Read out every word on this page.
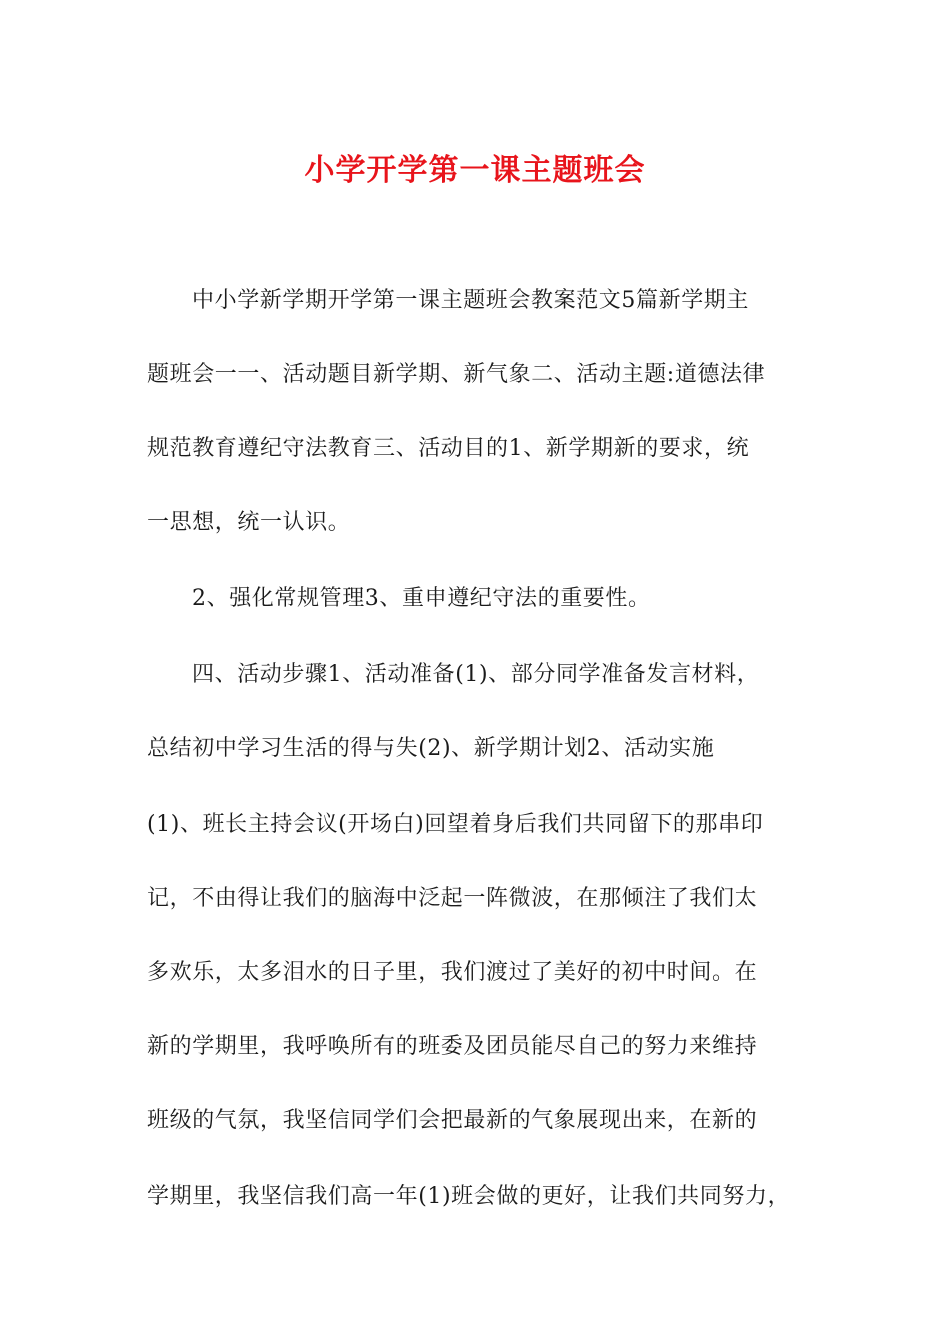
小学开学第一课主题班会
中小学新学期开学第一课主题班会教案范文5篇新学期主
题班会一一、活动题目新学期、新气象二、活动主题:道德法律
规范教育遵纪守法教育三、活动目的1、新学期新的要求，统
一思想，统一认识。
2、强化常规管理3、重申遵纪守法的重要性。
四、活动步骤1、活动准备(1)、部分同学准备发言材料，
总结初中学习生活的得与失(2)、新学期计划2、活动实施
(1)、班长主持会议(开场白)回望着身后我们共同留下的那串印
记，不由得让我们的脑海中泛起一阵微波，在那倾注了我们太
多欢乐，太多泪水的日子里，我们渡过了美好的初中时间。在
新的学期里，我呼唤所有的班委及团员能尽自己的努力来维持
班级的气氛，我坚信同学们会把最新的气象展现出来，在新的
学期里，我坚信我们高一年(1)班会做的更好，让我们共同努力，
